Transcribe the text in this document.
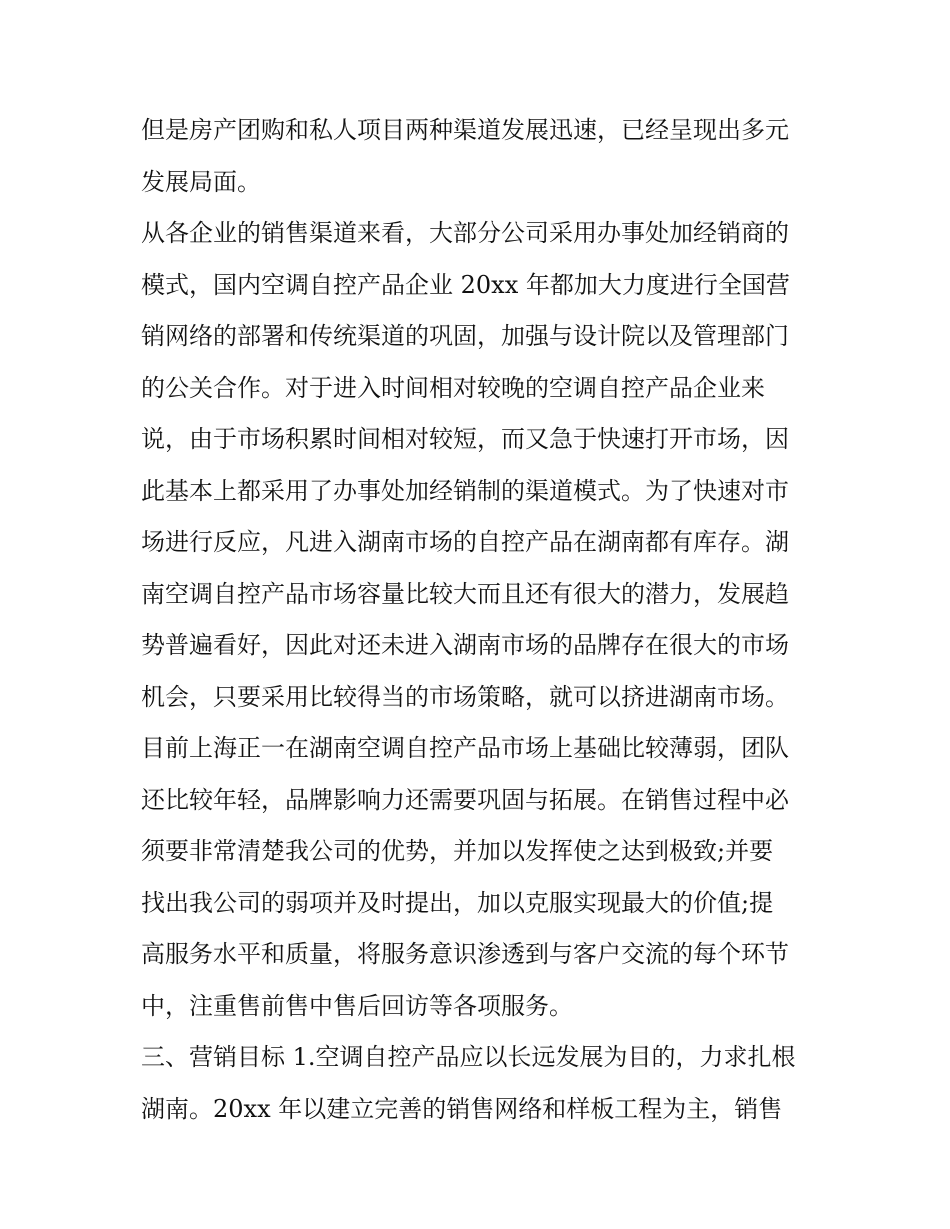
但是房产团购和私人项目两种渠道发展迅速，已经呈现出多元
发展局面。
从各企业的销售渠道来看，大部分公司采用办事处加经销商的
模式，国内空调自控产品企业 20xx 年都加大力度进行全国营
销网络的部署和传统渠道的巩固，加强与设计院以及管理部门
的公关合作。对于进入时间相对较晚的空调自控产品企业来
说，由于市场积累时间相对较短，而又急于快速打开市场，因
此基本上都采用了办事处加经销制的渠道模式。为了快速对市
场进行反应，凡进入湖南市场的自控产品在湖南都有库存。湖
南空调自控产品市场容量比较大而且还有很大的潜力，发展趋
势普遍看好，因此对还未进入湖南市场的品牌存在很大的市场
机会，只要采用比较得当的市场策略，就可以挤进湖南市场。
目前上海正一在湖南空调自控产品市场上基础比较薄弱，团队
还比较年轻，品牌影响力还需要巩固与拓展。在销售过程中必
须要非常清楚我公司的优势，并加以发挥使之达到极致;并要
找出我公司的弱项并及时提出，加以克服实现最大的价值;提
高服务水平和质量，将服务意识渗透到与客户交流的每个环节
中，注重售前售中售后回访等各项服务。
三、营销目标 1.空调自控产品应以长远发展为目的，力求扎根
湖南。20xx 年以建立完善的销售网络和样板工程为主，销售
